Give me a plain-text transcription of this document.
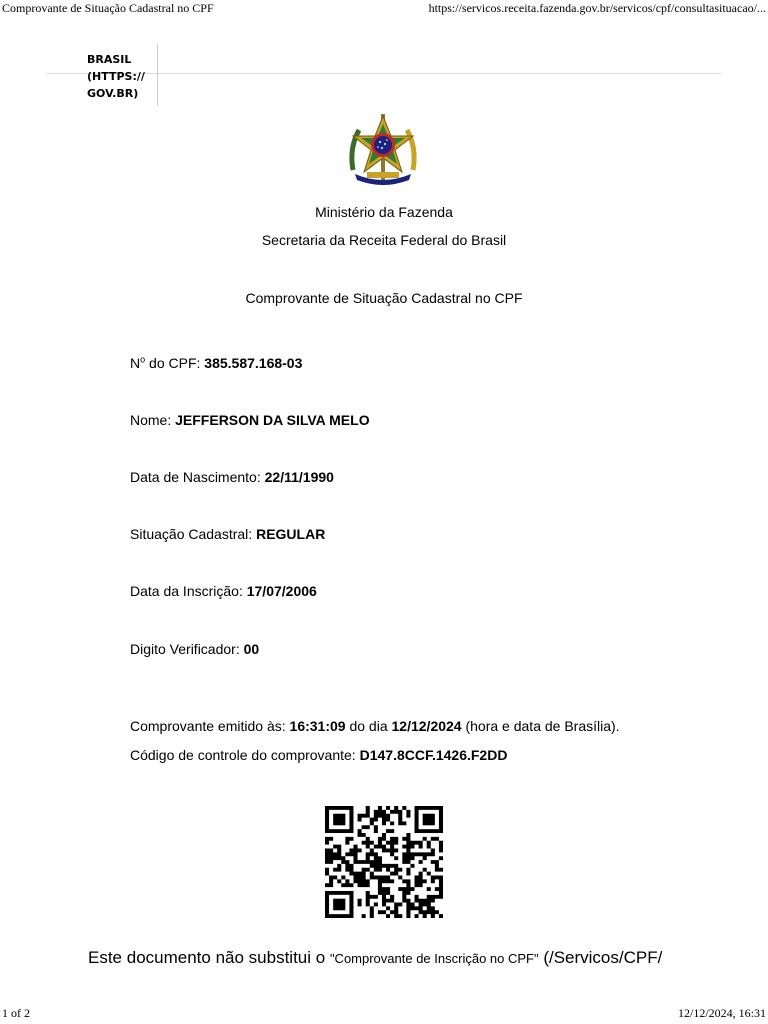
Comprovante de Situação Cadastral no CPF	https://servicos.receita.fazenda.gov.br/servicos/cpf/consultasituacao/...
BRASIL
(HTTPS://
GOV.BR)
Ministério da Fazenda
Secretaria da Receita Federal do Brasil
Comprovante de Situação Cadastral no CPF
$N^o$ do CPF: 385.587.168-03
Nome: JEFFERSON DA SILVA MELO
Data de Nascimento: 22/11/1990
Situação Cadastral: REGULAR
Data da Inscrição: 17/07/2006
Digito Verificador: 00
Comprovante emitido às: 16:31:09 do dia 12/12/2024 (hora e data de Brasília).
Código de controle do comprovante: D147.8CCF.1426.F2DD
Este documento não substitui o "Comprovante de Inscrição no CPF" (/Servicos/CPF/
1 of 2	12/12/2024, 16:31
